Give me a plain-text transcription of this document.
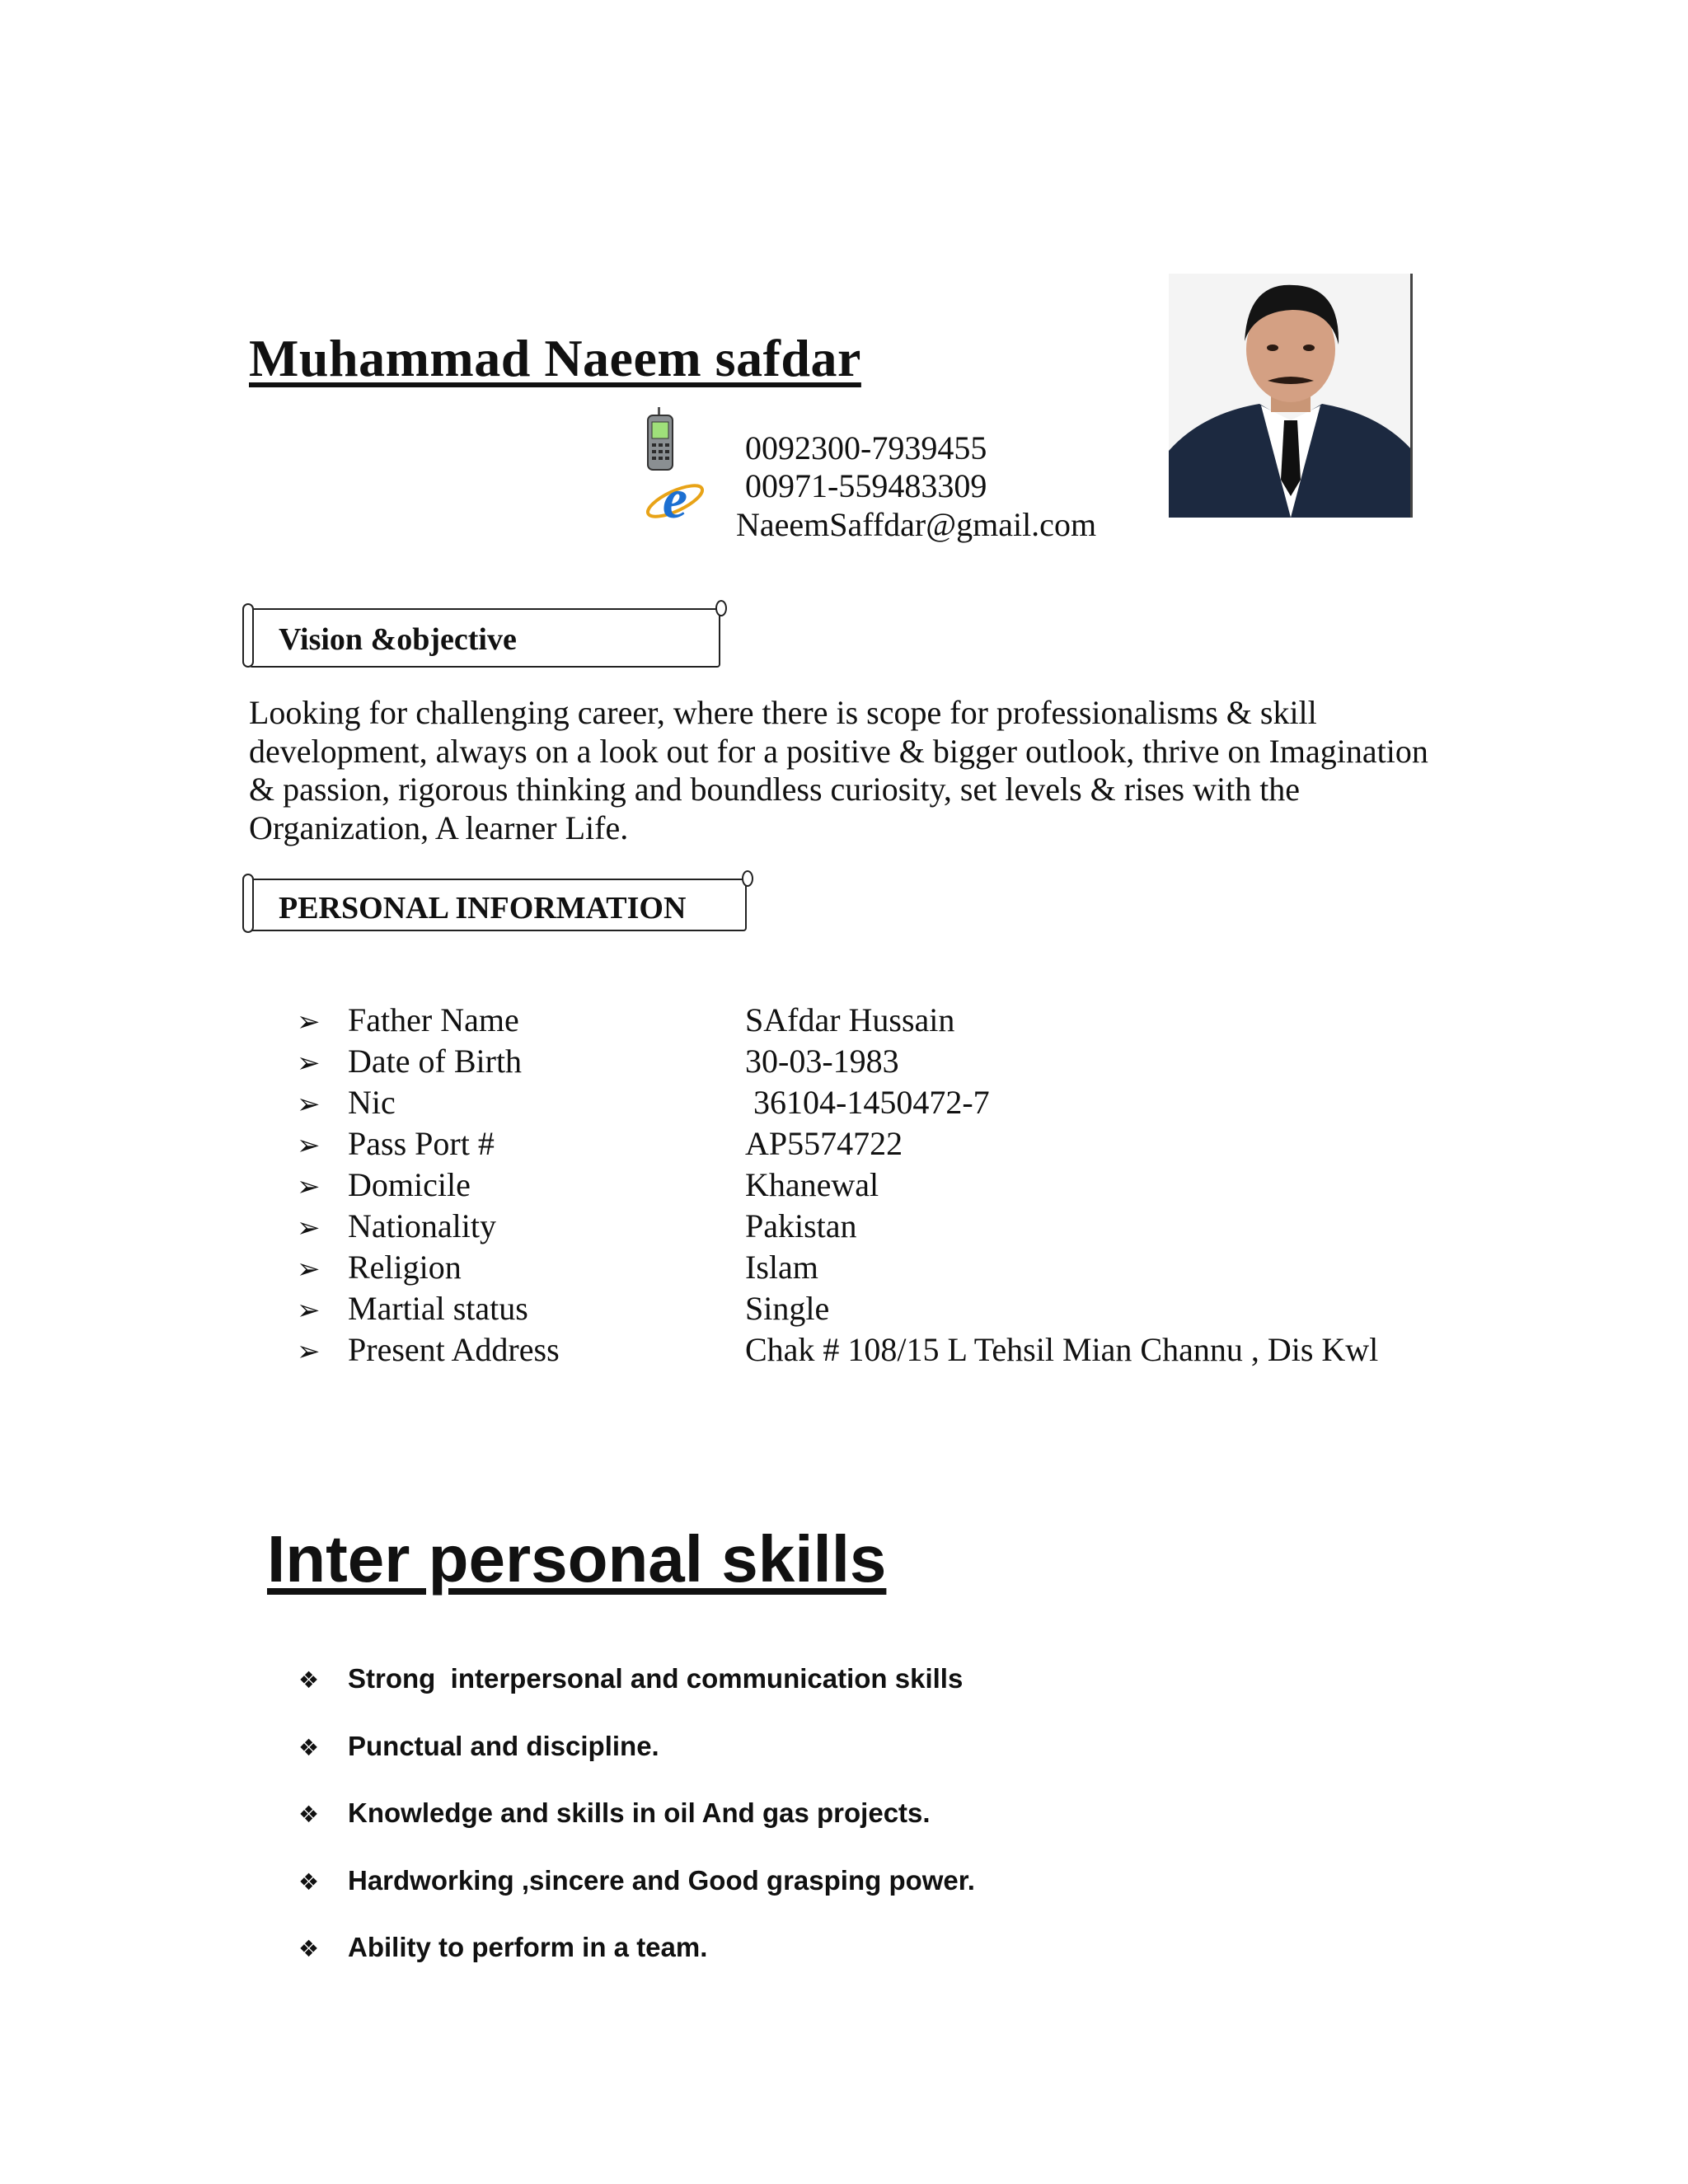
Muhammad Naeem safdar
e
0092300-7939455
00971-559483309
NaeemSaffdar@gmail.com
Vision &objective

Looking for challenging career, where there is scope for professionalisms & skill development, always on a look out for a positive & bigger outlook, thrive on Imagination & passion, rigorous thinking and boundless curiosity, set levels & rises with the Organization, A learner Life.

PERSONAL INFORMATION
➢ Father Name	SAfdar Hussain
➢ Date of Birth	30-03-1983
➢ Nic	36104-1450472-7
➢ Pass Port #	AP5574722
➢ Domicile	Khanewal
➢ Nationality	Pakistan
➢ Religion	Islam
➢ Martial status	Single
➢ Present Address	Chak # 108/15 L Tehsil Mian Channu , Dis Kwl
Inter personal skills
❖	Strong  interpersonal and communication skills
❖	Punctual and discipline.
❖	Knowledge and skills in oil And gas projects.
❖	Hardworking ,sincere and Good grasping power.
❖	Ability to perform in a team.
